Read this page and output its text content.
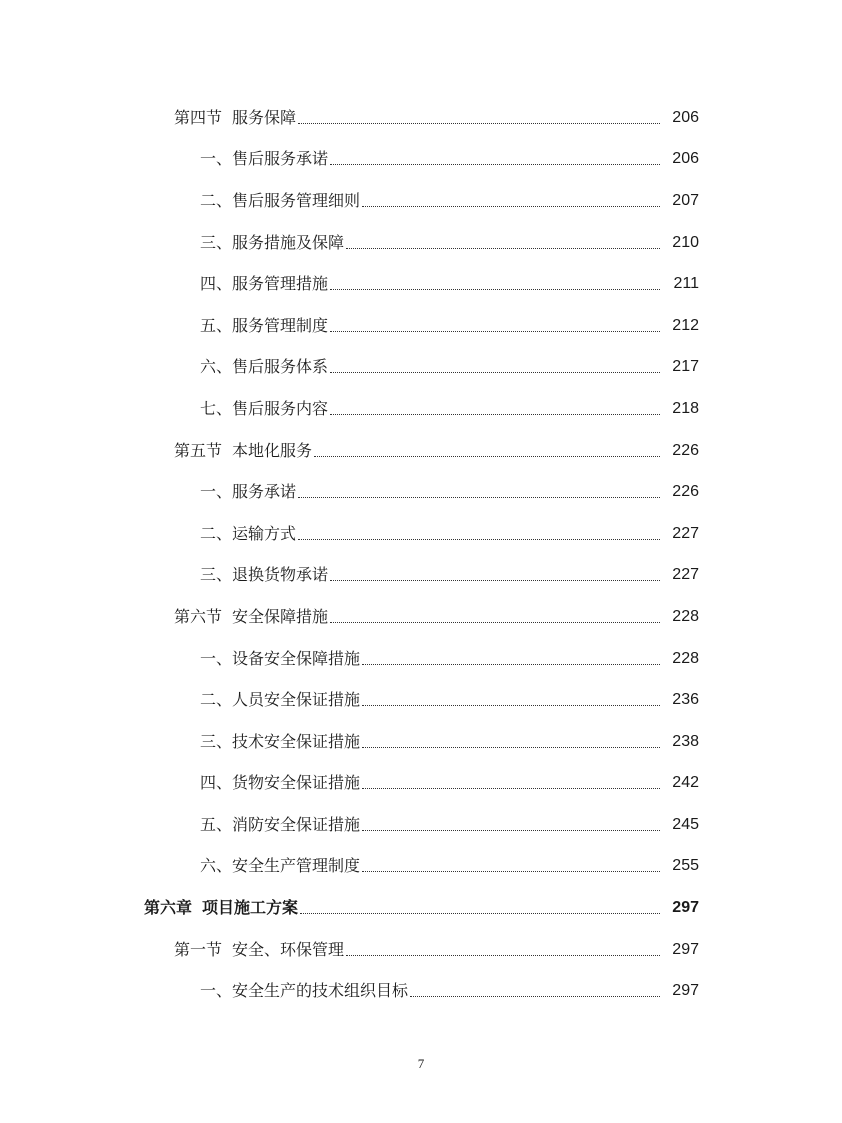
第四节 服务保障	206
一、售后服务承诺	206
二、售后服务管理细则	207
三、服务措施及保障	210
四、服务管理措施	211
五、服务管理制度	212
六、售后服务体系	217
七、售后服务内容	218
第五节 本地化服务	226
一、服务承诺	226
二、运输方式	227
三、退换货物承诺	227
第六节 安全保障措施	228
一、设备安全保障措施	228
二、人员安全保证措施	236
三、技术安全保证措施	238
四、货物安全保证措施	242
五、消防安全保证措施	245
六、安全生产管理制度	255
第六章 项目施工方案	297
第一节 安全、环保管理	297
一、安全生产的技术组织目标	297
7
